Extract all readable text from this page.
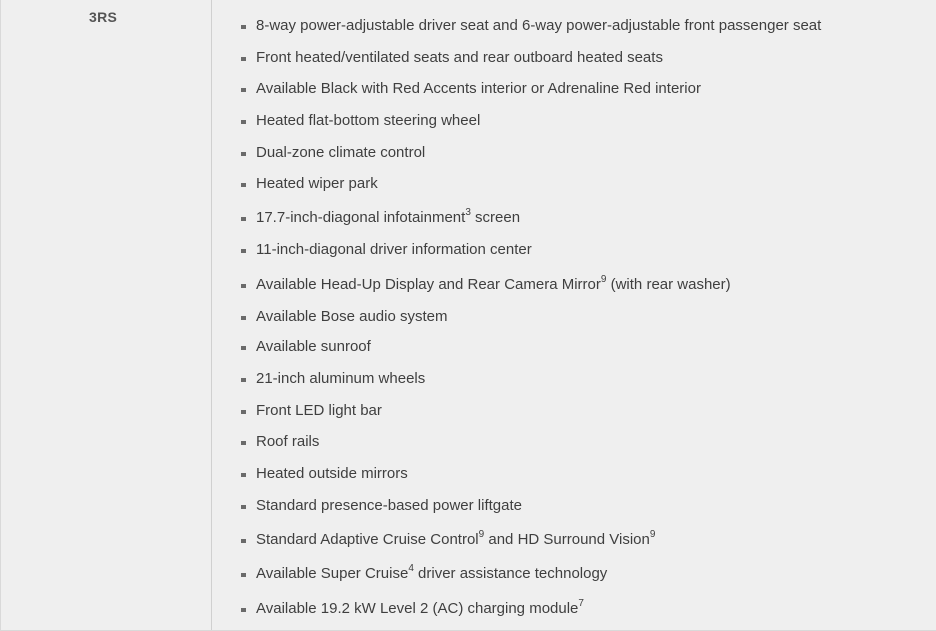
3RS	8-way power-adjustable driver seat and 6-way power-adjustable front passenger seat
Front heated/ventilated seats and rear outboard heated seats
Available Black with Red Accents interior or Adrenaline Red interior
Heated flat-bottom steering wheel
Dual-zone climate control
Heated wiper park
17.7-inch-diagonal infotainment$^3$ screen
11-inch-diagonal driver information center
Available Head-Up Display and Rear Camera Mirror$^9$ (with rear washer)
Available Bose audio system
Available sunroof
21-inch aluminum wheels
Front LED light bar
Roof rails
Heated outside mirrors
Standard presence-based power liftgate
Standard Adaptive Cruise Control$^9$ and HD Surround Vision$^9$
Available Super Cruise$^4$ driver assistance technology
Available 19.2 kW Level 2 (AC) charging module$^7$
